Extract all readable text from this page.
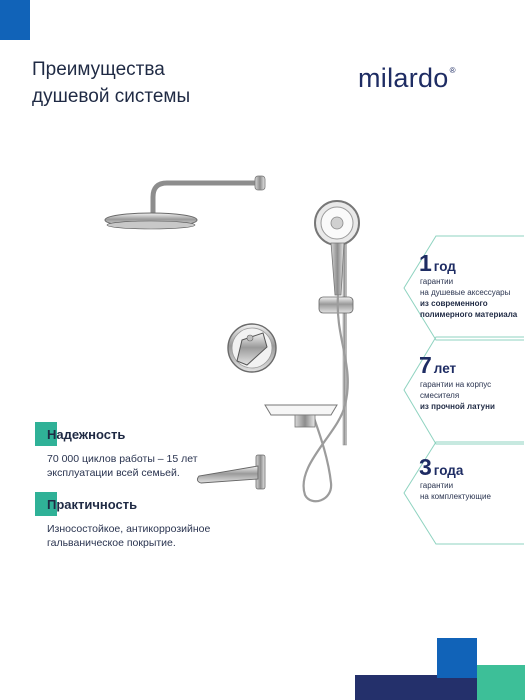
Преимущества
душевой системы
milardo®
Надежность
70 000 циклов работы – 15 лет
эксплуатации всей семьей.
Практичность
Износостойкое, антикоррозийное
гальваническое покрытие.
1 год
гарантии
на душевые аксессуары
из современного
полимерного материала
7 лет
гарантии на корпус
смесителя
из прочной латуни
3 года
гарантии
на комплектующие
